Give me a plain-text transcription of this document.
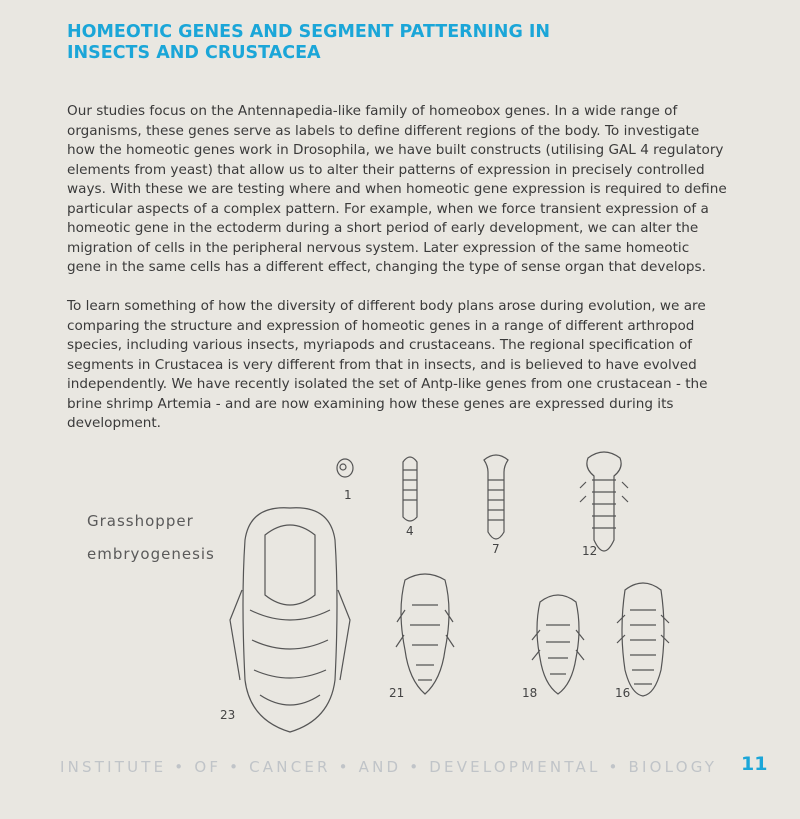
HOMEOTIC GENES AND SEGMENT PATTERNING IN
INSECTS AND CRUSTACEA

Our studies focus on the Antennapedia-like family of homeobox genes. In a wide range of organisms, these genes serve as labels to define different regions of the body. To investigate how the homeotic genes work in Drosophila, we have built constructs (utilising GAL 4 regulatory elements from yeast) that allow us to alter their patterns of expression in precisely controlled ways. With these we are testing where and when homeotic gene expression is required to define particular aspects of a complex pattern. For example, when we force transient expression of a homeotic gene in the ectoderm during a short period of early development, we can alter the migration of cells in the peripheral nervous system. Later expression of the same homeotic gene in the same cells has a different effect, changing the type of sense organ that develops.

To learn something of how the diversity of different body plans arose during evolution, we are comparing the structure and expression of homeotic genes in a range of different arthropod species, including various insects, myriapods and crustaceans. The regional specification of segments in Crustacea is very different from that in insects, and is believed to have evolved independently. We have recently isolated the set of Antp-like genes from one crustacean - the brine shrimp Artemia - and are now examining how these genes are expressed during its development.

Grasshopper
embryogenesis
1
4
7	12
16
18
21
23
INSTITUTE • OF • CANCER • AND • DEVELOPMENTAL • BIOLOGY 11
